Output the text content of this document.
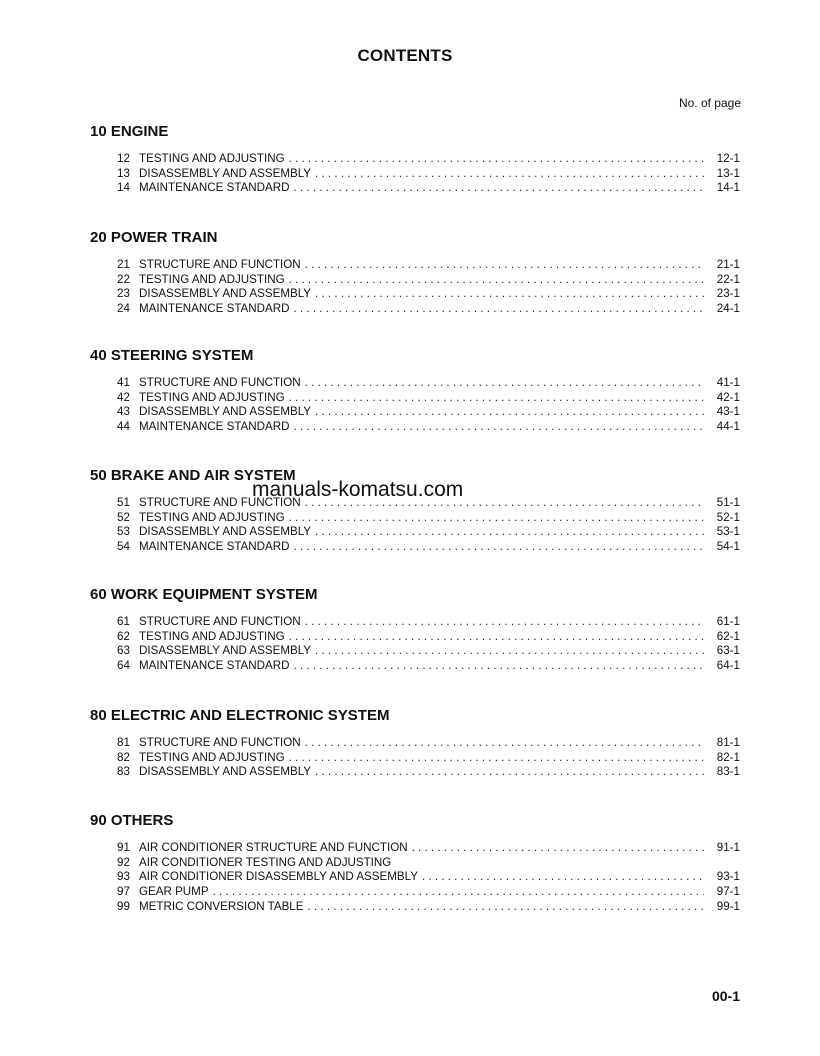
CONTENTS
No. of page
10 ENGINE
12 TESTING AND ADJUSTING . . .	12-1
13 DISASSEMBLY AND ASSEMBLY . . .	13-1
14 MAINTENANCE STANDARD . . .	14-1
20 POWER TRAIN
21 STRUCTURE AND FUNCTION . . .	21-1
22 TESTING AND ADJUSTING . . .	22-1
23 DISASSEMBLY AND ASSEMBLY . . .	23-1
24 MAINTENANCE STANDARD . . .	24-1
40 STEERING SYSTEM
41 STRUCTURE AND FUNCTION . . .	41-1
42 TESTING AND ADJUSTING . . .	42-1
43 DISASSEMBLY AND ASSEMBLY . . .	43-1
44 MAINTENANCE STANDARD . . .	44-1
50 BRAKE AND AIR SYSTEM
51 STRUCTURE AND FUNCTION . . .	51-1
52 TESTING AND ADJUSTING . . .	52-1
53 DISASSEMBLY AND ASSEMBLY . . .	53-1
54 MAINTENANCE STANDARD . . .	54-1
60 WORK EQUIPMENT SYSTEM
61 STRUCTURE AND FUNCTION . . .	61-1
62 TESTING AND ADJUSTING . . .	62-1
63 DISASSEMBLY AND ASSEMBLY . . .	63-1
64 MAINTENANCE STANDARD . . .	64-1
80 ELECTRIC AND ELECTRONIC SYSTEM
81 STRUCTURE AND FUNCTION . . .	81-1
82 TESTING AND ADJUSTING . . .	82-1
83 DISASSEMBLY AND ASSEMBLY . . .	83-1
90 OTHERS
91 AIR CONDITIONER STRUCTURE AND FUNCTION . . .	91-1
92 AIR CONDITIONER TESTING AND ADJUSTING
93 AIR CONDITIONER DISASSEMBLY AND ASSEMBLY . . .	93-1
97 GEAR PUMP . . .	97-1
99 METRIC CONVERSION TABLE . . .	99-1
manuals-komatsu.com
00-1
